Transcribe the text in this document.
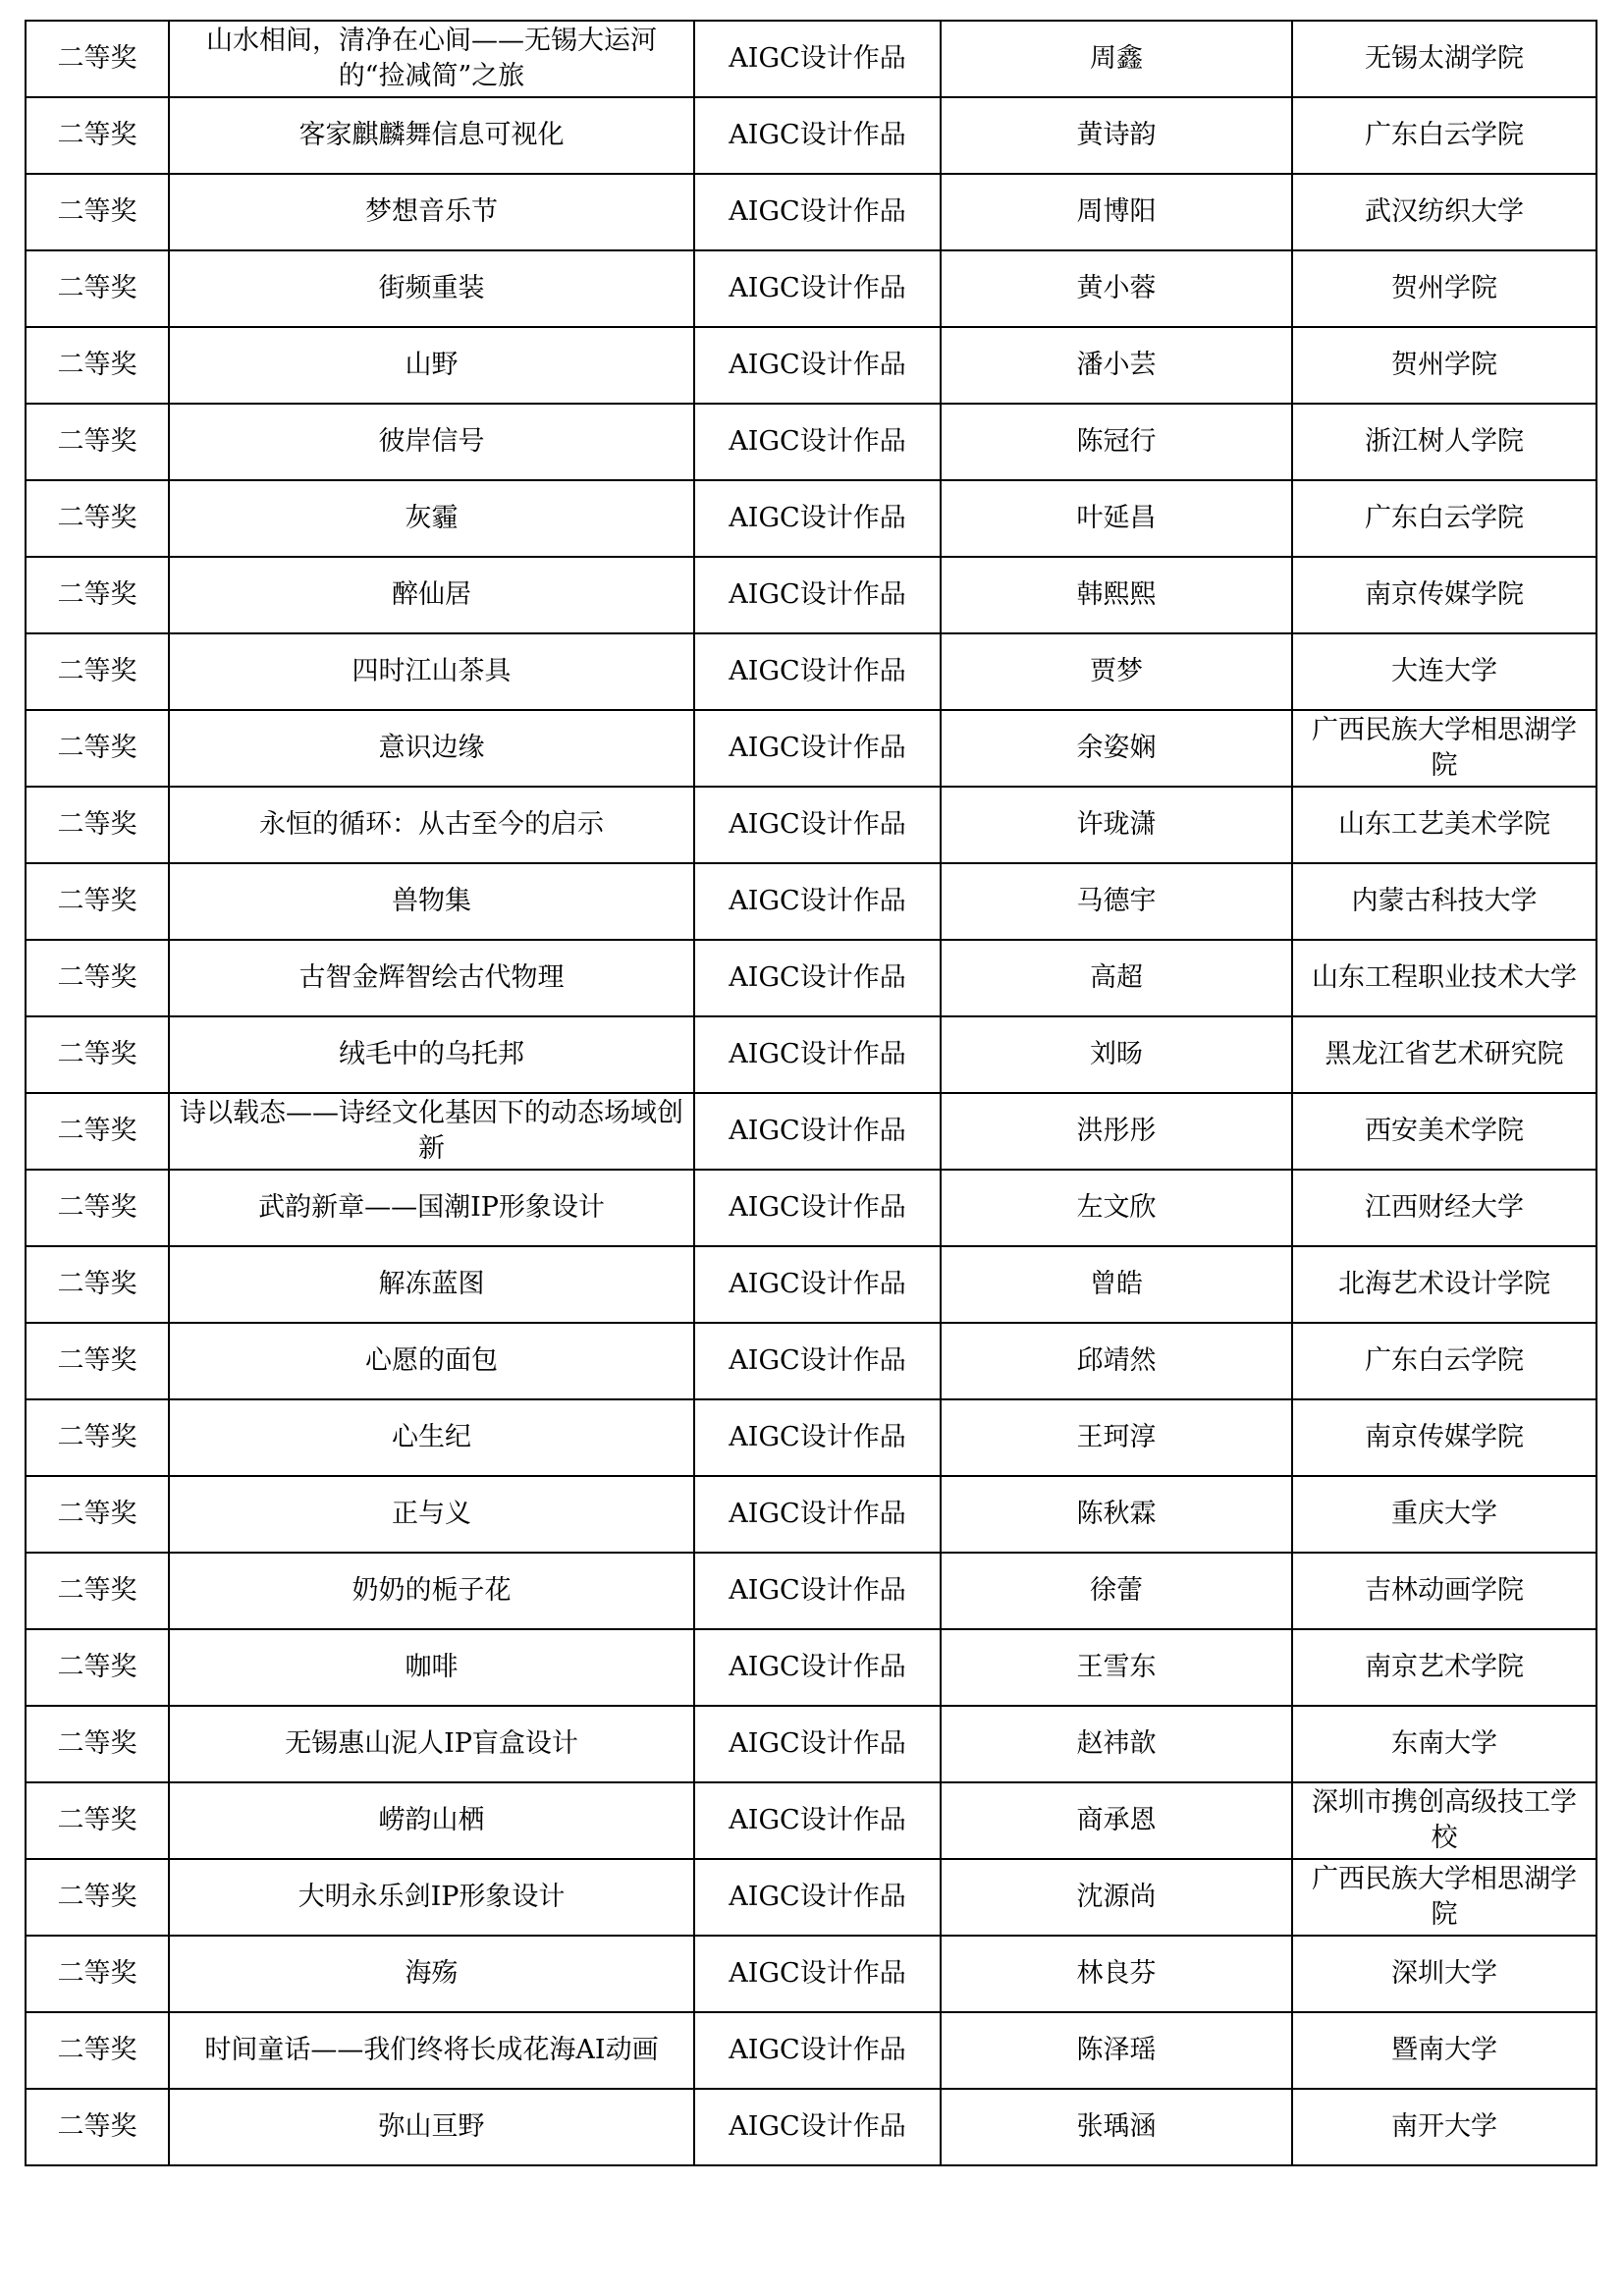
二等奖	山水相间，清净在心间——无锡大运河的“捡减简”之旅	AIGC设计作品	周鑫	无锡太湖学院
二等奖	客家麒麟舞信息可视化	AIGC设计作品	黄诗韵	广东白云学院
二等奖	梦想音乐节	AIGC设计作品	周博阳	武汉纺织大学
二等奖	街频重装	AIGC设计作品	黄小蓉	贺州学院
二等奖	山野	AIGC设计作品	潘小芸	贺州学院
二等奖	彼岸信号	AIGC设计作品	陈冠行	浙江树人学院
二等奖	灰霾	AIGC设计作品	叶延昌	广东白云学院
二等奖	醉仙居	AIGC设计作品	韩熙熙	南京传媒学院
二等奖	四时江山茶具	AIGC设计作品	贾梦	大连大学
二等奖	意识边缘	AIGC设计作品	余姿娴	广西民族大学相思湖学院
二等奖	永恒的循环：从古至今的启示	AIGC设计作品	许珑潇	山东工艺美术学院
二等奖	兽物集	AIGC设计作品	马德宇	内蒙古科技大学
二等奖	古智金辉智绘古代物理	AIGC设计作品	高超	山东工程职业技术大学
二等奖	绒毛中的乌托邦	AIGC设计作品	刘旸	黑龙江省艺术研究院
二等奖	诗以载态——诗经文化基因下的动态场域创新	AIGC设计作品	洪彤彤	西安美术学院
二等奖	武韵新章——国潮IP形象设计	AIGC设计作品	左文欣	江西财经大学
二等奖	解冻蓝图	AIGC设计作品	曾皓	北海艺术设计学院
二等奖	心愿的面包	AIGC设计作品	邱靖然	广东白云学院
二等奖	心生纪	AIGC设计作品	王珂淳	南京传媒学院
二等奖	正与义	AIGC设计作品	陈秋霖	重庆大学
二等奖	奶奶的栀子花	AIGC设计作品	徐蕾	吉林动画学院
二等奖	咖啡	AIGC设计作品	王雪东	南京艺术学院
二等奖	无锡惠山泥人IP盲盒设计	AIGC设计作品	赵祎歆	东南大学
二等奖	崂韵山栖	AIGC设计作品	商承恩	深圳市携创高级技工学校
二等奖	大明永乐剑IP形象设计	AIGC设计作品	沈源尚	广西民族大学相思湖学院
二等奖	海殇	AIGC设计作品	林良芬	深圳大学
二等奖	时间童话——我们终将长成花海AI动画	AIGC设计作品	陈泽瑶	暨南大学
二等奖	弥山亘野	AIGC设计作品	张瑀涵	南开大学
